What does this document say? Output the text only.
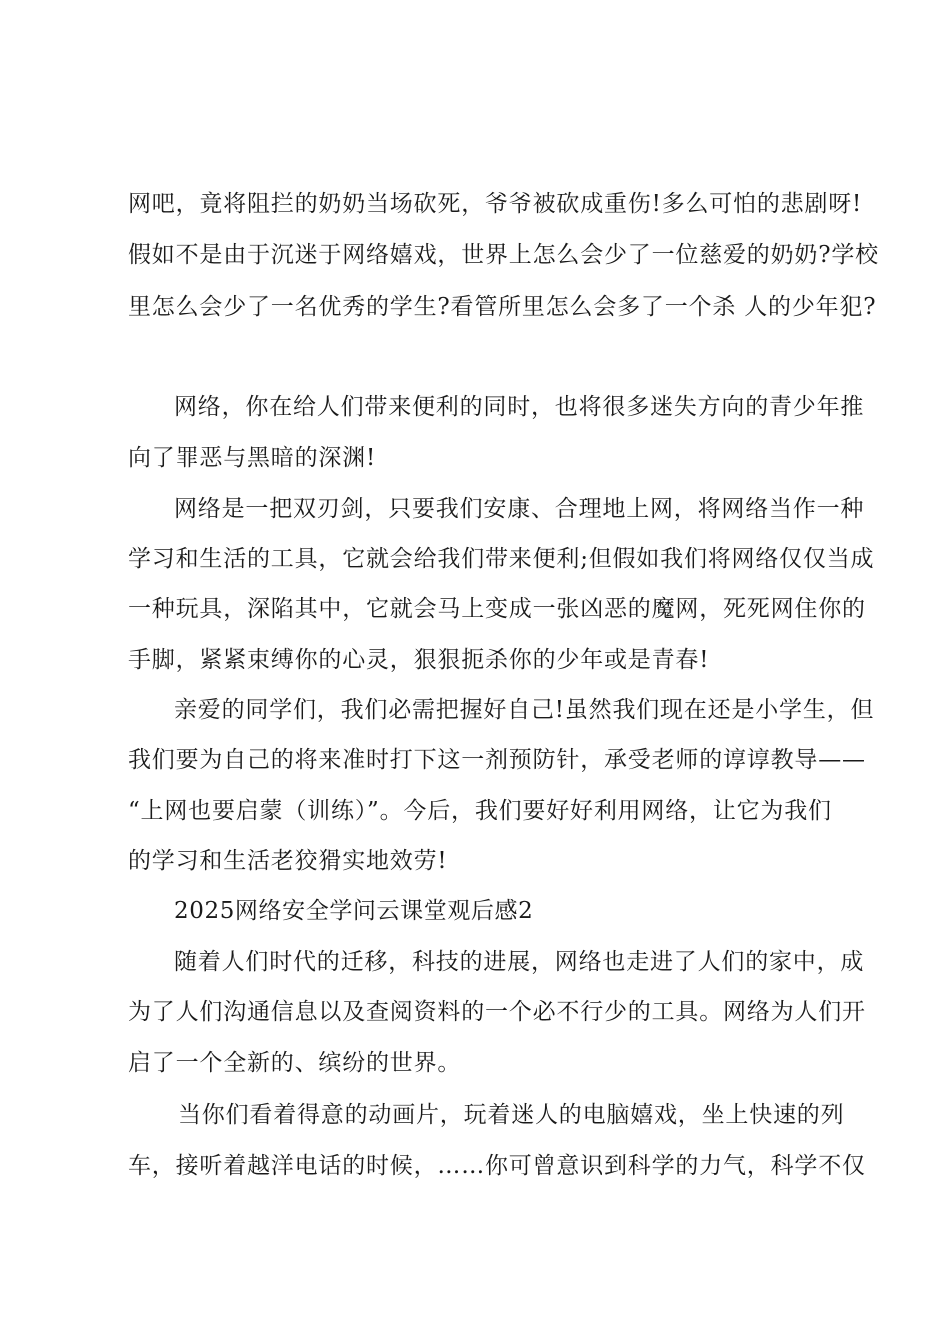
网吧，竟将阻拦的奶奶当场砍死，爷爷被砍成重伤!多么可怕的悲剧呀!
假如不是由于沉迷于网络嬉戏，世界上怎么会少了一位慈爱的奶奶?学校
里怎么会少了一名优秀的学生?看管所里怎么会多了一个杀 人的少年犯?
网络，你在给人们带来便利的同时，也将很多迷失方向的青少年推
向了罪恶与黑暗的深渊!
网络是一把双刃剑，只要我们安康、合理地上网，将网络当作一种
学习和生活的工具，它就会给我们带来便利;但假如我们将网络仅仅当成
一种玩具，深陷其中，它就会马上变成一张凶恶的魔网，死死网住你的
手脚，紧紧束缚你的心灵，狠狠扼杀你的少年或是青春!
亲爱的同学们，我们必需把握好自己!虽然我们现在还是小学生，但
我们要为自己的将来准时打下这一剂预防针，承受老师的谆谆教导——
“上网也要启蒙（训练）”。今后，我们要好好利用网络，让它为我们
的学习和生活老狡猾实地效劳!
2025网络安全学问云课堂观后感2
随着人们时代的迁移，科技的进展，网络也走进了人们的家中，成
为了人们沟通信息以及查阅资料的一个必不行少的工具。网络为人们开
启了一个全新的、缤纷的世界。
当你们看着得意的动画片，玩着迷人的电脑嬉戏，坐上快速的列
车，接听着越洋电话的时候，……你可曾意识到科学的力气，科学不仅
